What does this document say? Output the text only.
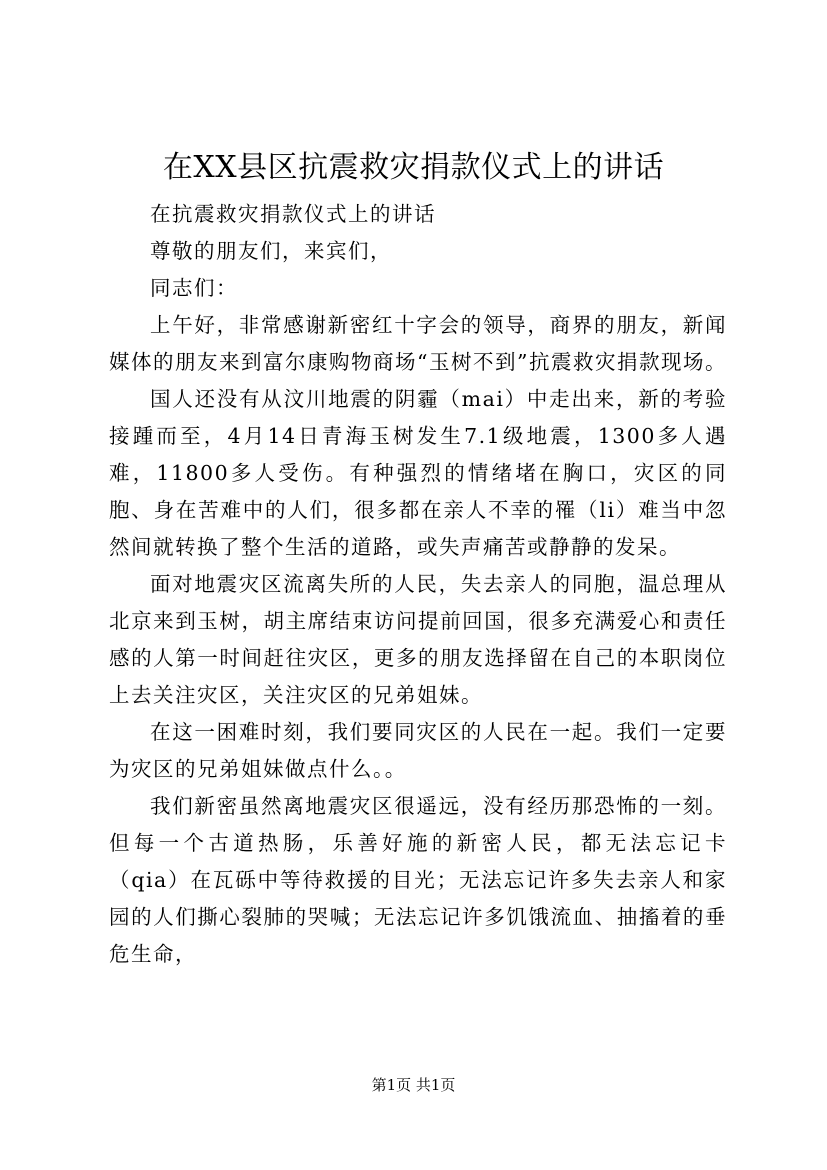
在XX县区抗震救灾捐款仪式上的讲话

在抗震救灾捐款仪式上的讲话

尊敬的朋友们，来宾们，

同志们：

上午好，非常感谢新密红十字会的领导，商界的朋友，新闻媒体的朋友来到富尔康购物商场“玉树不到”抗震救灾捐款现场。

国人还没有从汶川地震的阴霾（mai）中走出来，新的考验接踵而至，4月14日青海玉树发生7.1级地震，1300多人遇难，11800多人受伤。有种强烈的情绪堵在胸口，灾区的同胞、身在苦难中的人们，很多都在亲人不幸的罹（li）难当中忽然间就转换了整个生活的道路，或失声痛苦或静静的发呆。

面对地震灾区流离失所的人民，失去亲人的同胞，温总理从北京来到玉树，胡主席结束访问提前回国，很多充满爱心和责任感的人第一时间赶往灾区，更多的朋友选择留在自己的本职岗位上去关注灾区，关注灾区的兄弟姐妹。

在这一困难时刻，我们要同灾区的人民在一起。我们一定要为灾区的兄弟姐妹做点什么。。

我们新密虽然离地震灾区很遥远，没有经历那恐怖的一刻。但每一个古道热肠，乐善好施的新密人民，都无法忘记卡（qia）在瓦砾中等待救援的目光；无法忘记许多失去亲人和家园的人们撕心裂肺的哭喊；无法忘记许多饥饿流血、抽搐着的垂危生命，

第1页 共1页
